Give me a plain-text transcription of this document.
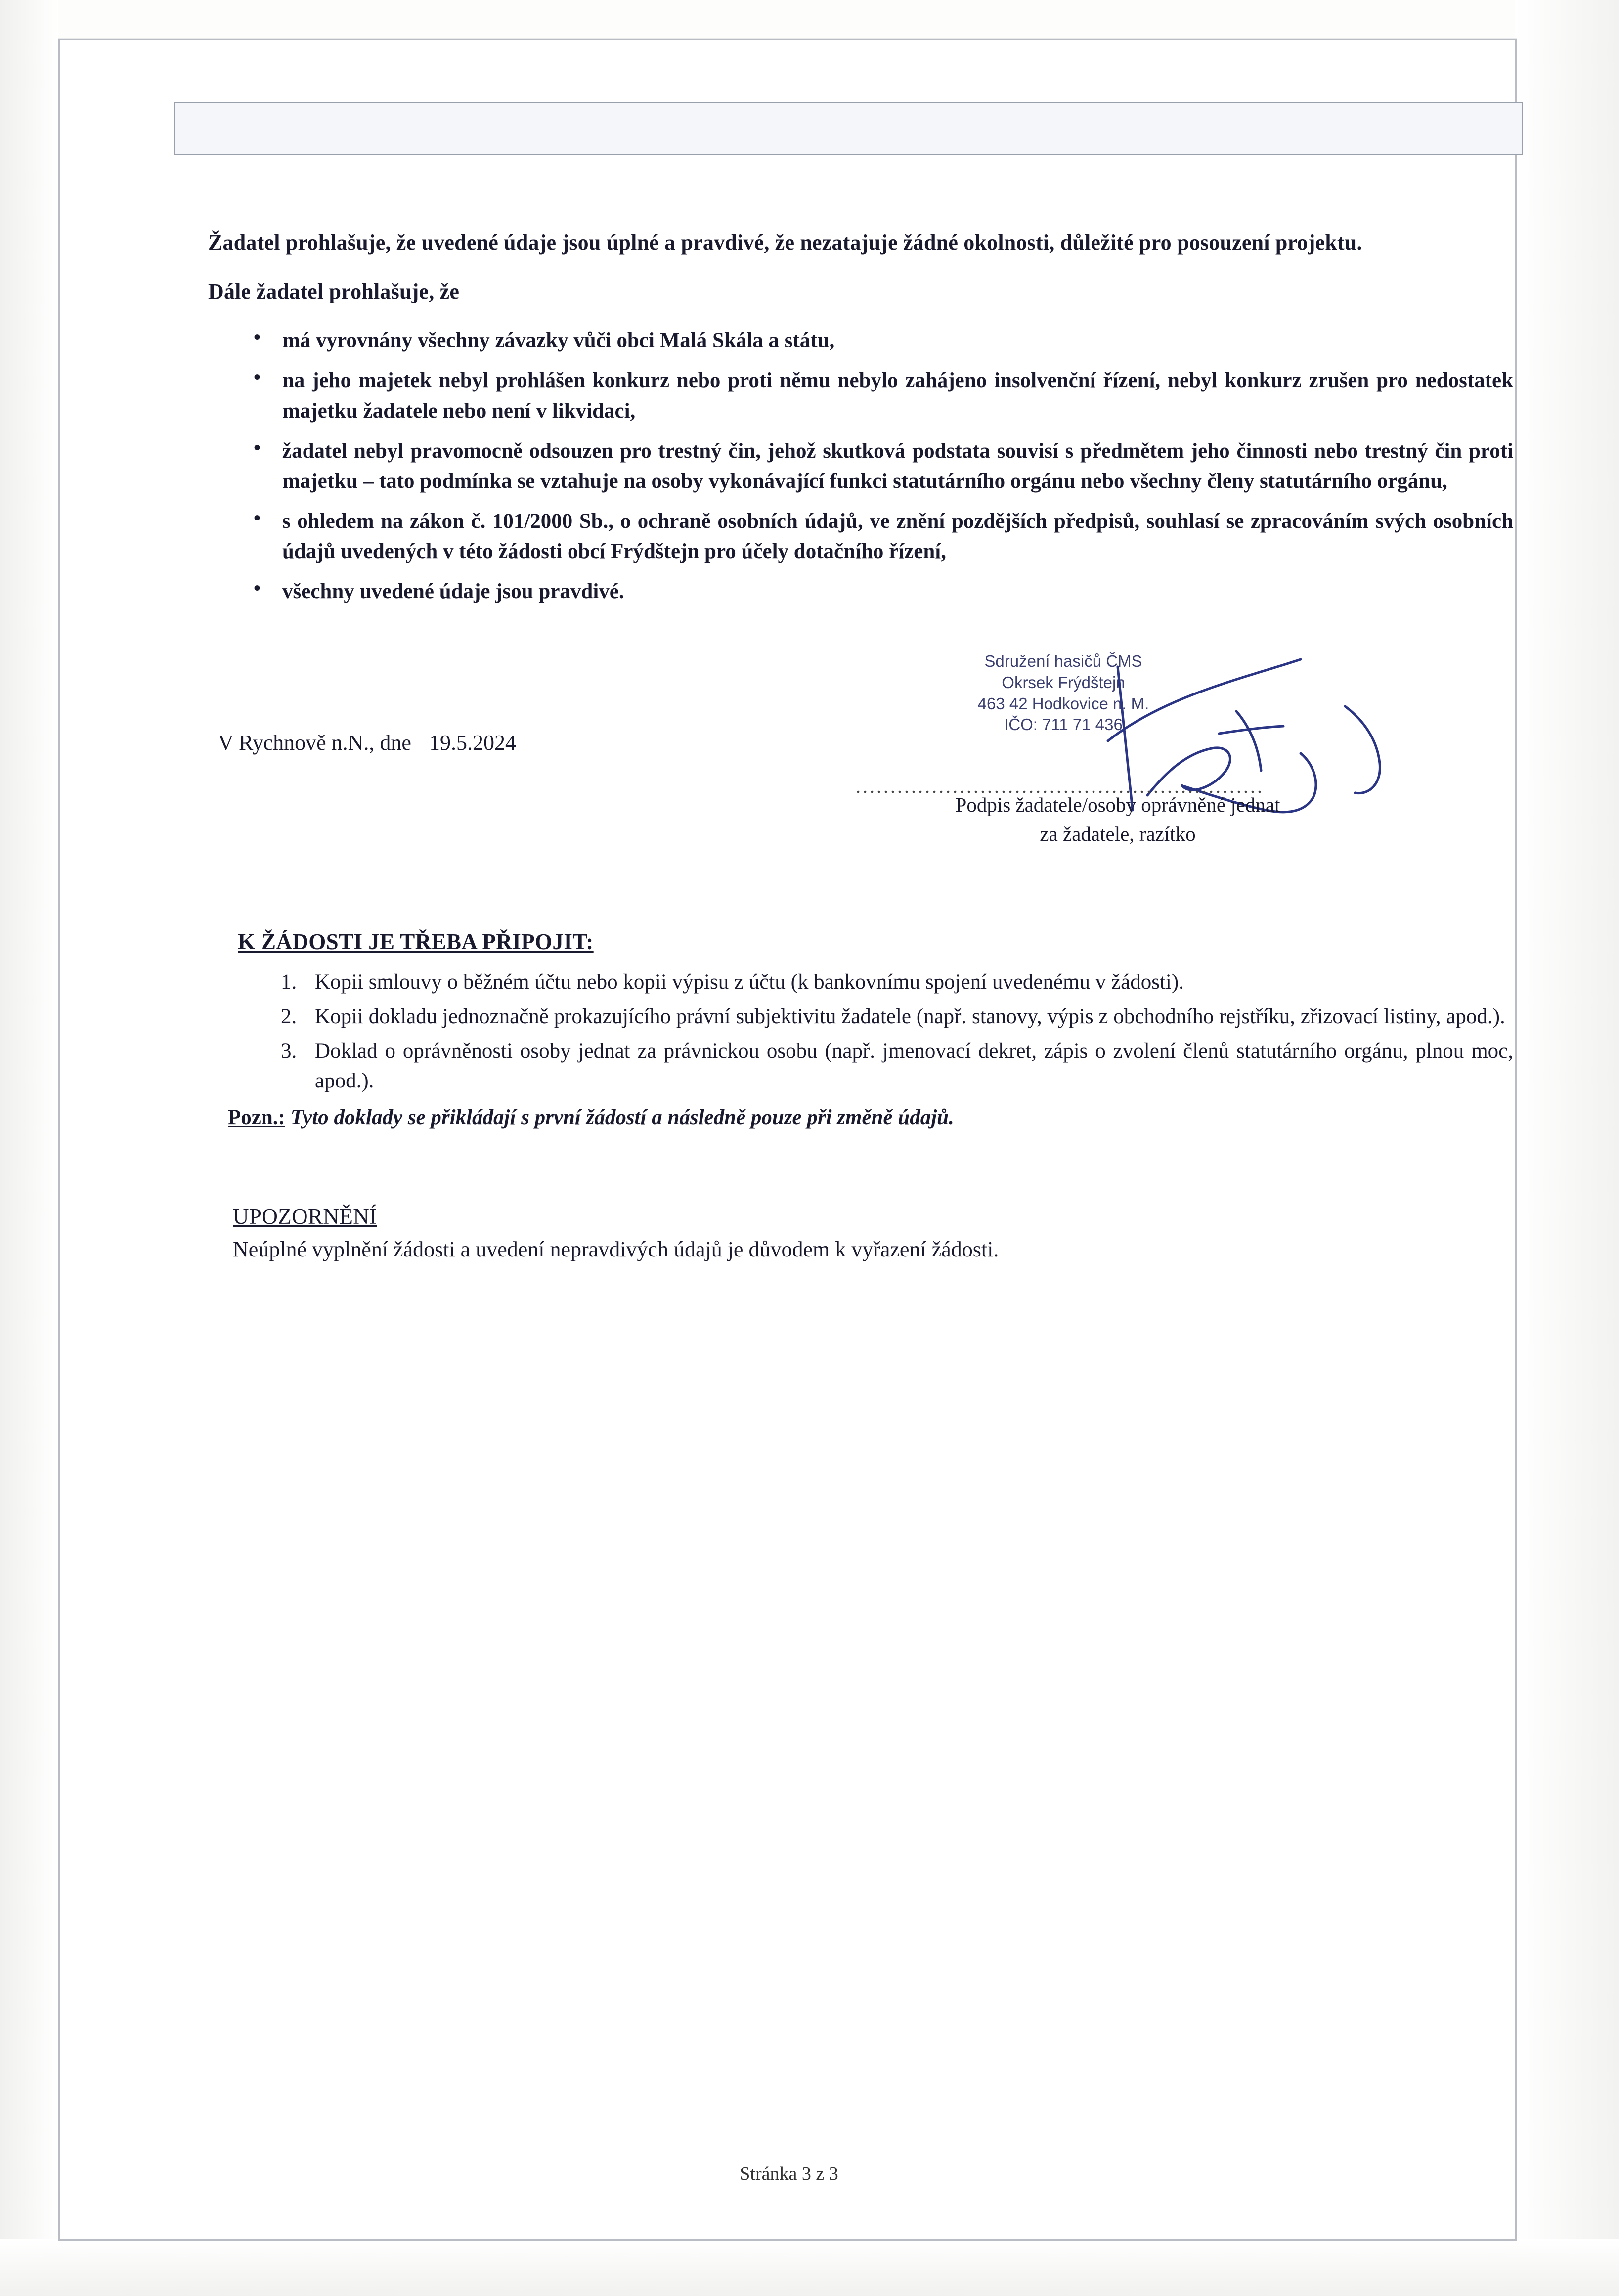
Žadatel prohlašuje, že uvedené údaje jsou úplné a pravdivé, že nezatajuje žádné okolnosti, důležité pro posouzení projektu.

Dále žadatel prohlašuje, že

• má vyrovnány všechny závazky vůči obci Malá Skála a státu,
• na jeho majetek nebyl prohlášen konkurz nebo proti němu nebylo zahájeno insolvenční řízení, nebyl konkurz zrušen pro nedostatek majetku žadatele nebo není v likvidaci,
• žadatel nebyl pravomocně odsouzen pro trestný čin, jehož skutková podstata souvisí s předmětem jeho činnosti nebo trestný čin proti majetku – tato podmínka se vztahuje na osoby vykonávající funkci statutárního orgánu nebo všechny členy statutárního orgánu,
• s ohledem na zákon č. 101/2000 Sb., o ochraně osobních údajů, ve znění pozdějších předpisů, souhlasí se zpracováním svých osobních údajů uvedených v této žádosti obcí Frýdštejn pro účely dotačního řízení,
• všechny uvedené údaje jsou pravdivé.
V Rychnově n.N., dne 19.5.2024
Sdružení hasičů ČMS
Okrsek Frýdštejn
463 42 Hodkovice n. M.
IČO: 711 71 436
...........................................................
Podpis žadatele/osoby oprávněné jednat
za žadatele, razítko
K ŽÁDOSTI JE TŘEBA PŘIPOJIT:
1. Kopii smlouvy o běžném účtu nebo kopii výpisu z účtu (k bankovnímu spojení uvedenému v žádosti).
2. Kopii dokladu jednoznačně prokazujícího právní subjektivitu žadatele (např. stanovy, výpis z obchodního rejstříku, zřizovací listiny, apod.).
3. Doklad o oprávněnosti osoby jednat za právnickou osobu (např. jmenovací dekret, zápis o zvolení členů statutárního orgánu, plnou moc, apod.).
Pozn.: Tyto doklady se přikládají s první žádostí a následně pouze při změně údajů.
UPOZORNĚNÍ
Neúplné vyplnění žádosti a uvedení nepravdivých údajů je důvodem k vyřazení žádosti.
Stránka 3 z 3
